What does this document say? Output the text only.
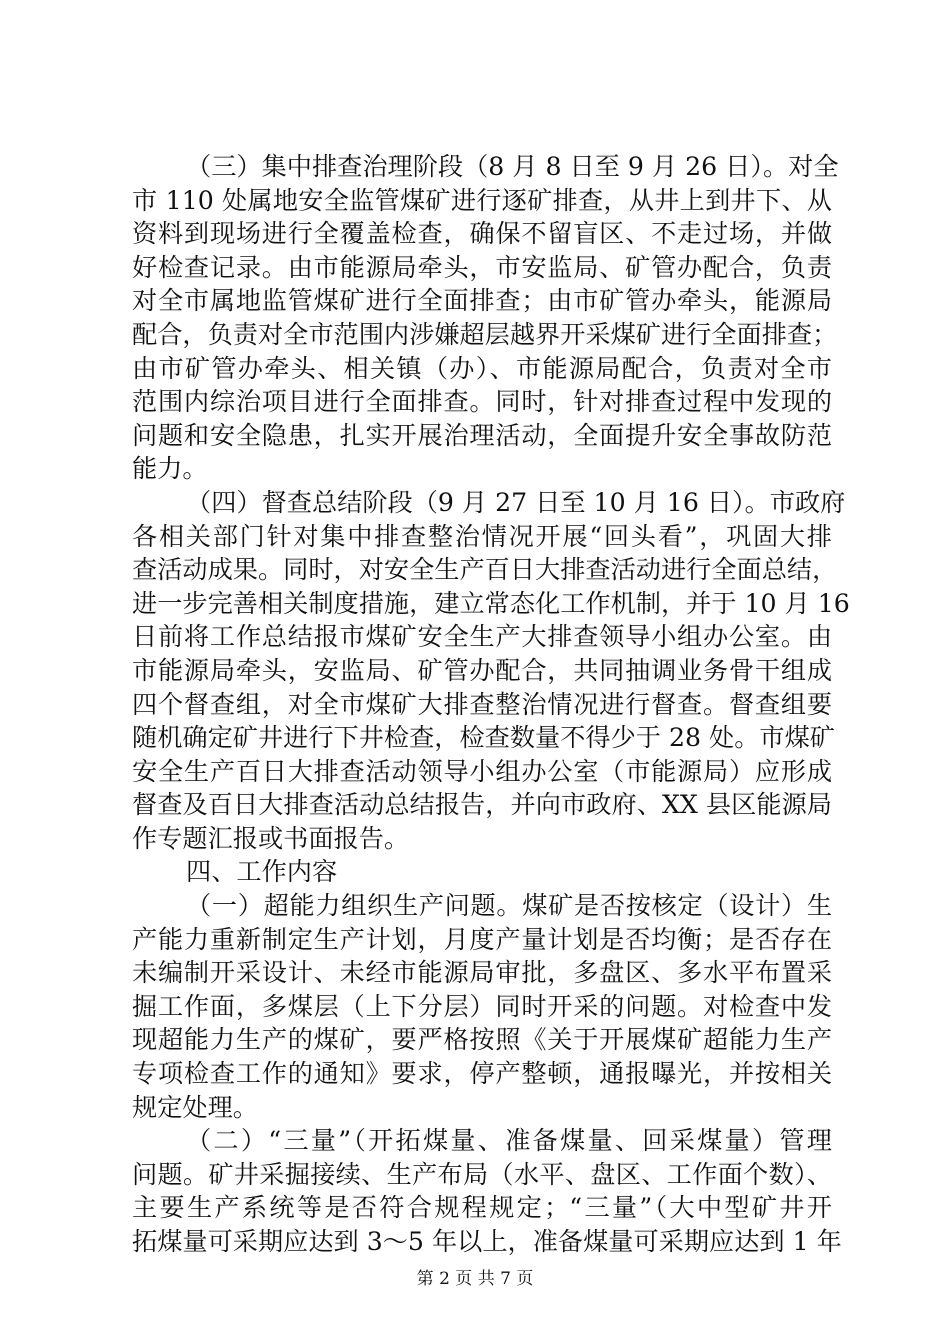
（三）集中排查治理阶段（8 月 8 日至 9 月 26 日）。对全
市 110 处属地安全监管煤矿进行逐矿排查，从井上到井下、从
资料到现场进行全覆盖检查，确保不留盲区、不走过场，并做
好检查记录。由市能源局牵头，市安监局、矿管办配合，负责
对全市属地监管煤矿进行全面排查；由市矿管办牵头，能源局
配合，负责对全市范围内涉嫌超层越界开采煤矿进行全面排查；
由市矿管办牵头、相关镇（办）、市能源局配合，负责对全市
范围内综治项目进行全面排查。同时，针对排查过程中发现的
问题和安全隐患，扎实开展治理活动，全面提升安全事故防范
能力。
（四）督查总结阶段（9 月 27 日至 10 月 16 日）。市政府
各相关部门针对集中排查整治情况开展“回头看”，巩固大排
查活动成果。同时，对安全生产百日大排查活动进行全面总结，
进一步完善相关制度措施，建立常态化工作机制，并于 10 月 16
日前将工作总结报市煤矿安全生产大排查领导小组办公室。由
市能源局牵头，安监局、矿管办配合，共同抽调业务骨干组成
四个督查组，对全市煤矿大排查整治情况进行督查。督查组要
随机确定矿井进行下井检查，检查数量不得少于 28 处。市煤矿
安全生产百日大排查活动领导小组办公室（市能源局）应形成
督查及百日大排查活动总结报告，并向市政府、XX 县区能源局
作专题汇报或书面报告。
四、工作内容
（一）超能力组织生产问题。煤矿是否按核定（设计）生
产能力重新制定生产计划，月度产量计划是否均衡；是否存在
未编制开采设计、未经市能源局审批，多盘区、多水平布置采
掘工作面，多煤层（上下分层）同时开采的问题。对检查中发
现超能力生产的煤矿，要严格按照《关于开展煤矿超能力生产
专项检查工作的通知》要求，停产整顿，通报曝光，并按相关
规定处理。
（二）“三量”（开拓煤量、准备煤量、回采煤量）管理
问题。矿井采掘接续、生产布局（水平、盘区、工作面个数）、
主要生产系统等是否符合规程规定；“三量”（大中型矿井开
拓煤量可采期应达到 3～5 年以上，准备煤量可采期应达到 1 年
第 2 页 共 7 页
